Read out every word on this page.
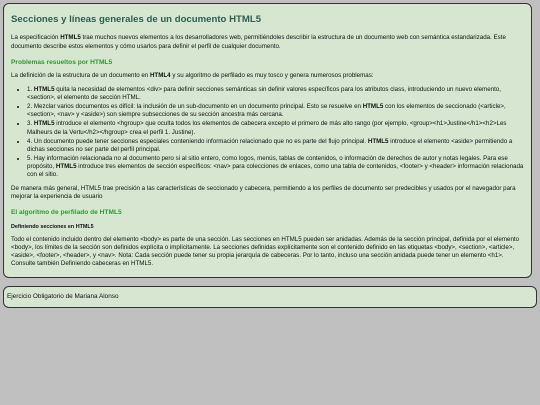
Secciones y líneas generales de un documento HTML5

La especificación HTML5 trae muchos nuevos elementos a los desarrolladores web, permitiéndoles describir la estructura de un documento web con semántica estandarizada. Este documento describe estos elementos y cómo usarlos para definir el perfil de cualquier documento.

Problemas resueltos por HTML5

La definición de la estructura de un documento en HTML4 y su algoritmo de perfilado es muy tosco y genera numerosos problemas:

• 1. HTML5 quita la necesidad de elementos <div> para definir secciones semánticas sin definir valores específicos para los atributos class, introduciendo un nuevo elemento, <section>, el elemento de sección HTML.
• 2. Mezclar varios documentos es difícil: la inclusión de un sub-documento en un documento principal. Esto se resuelve en HTML5 con los elementos de seccionado (<article>, <section>, <nav> y <aside>) son siempre subsecciones de su sección ancestra más cercana.
• 3. HTML5 introduce el elemento <hgroup> que oculta todos los elementos de cabecera excepto el primero de más alto rango (por ejemplo, <group><h1>Justine</h1><h2>Les Malheurs de la Vertu</h2></hgroup> crea el perfil 1. Justine).
• 4. Un documento puede tener secciones especiales conteniendo información relacionado que no es parte del flujo principal. HTML5 introduce el elemento <aside> permitiendo a dichas secciones no ser parte del perfil principal.
• 5. Hay información relacionada no al documento pero si al sitio entero, como logos, menús, tablas de contenidos, o información de derechos de autor y notas legales. Para ese propósito, HTML5 introduce tres elementos de sección específicos: <nav> para colecciones de enlaces, como una tabla de contenidos, <footer> y <header> información relacionada con el sitio.

De manera más general, HTML5 trae precisión a las características de seccionado y cabecera, permitiendo a los perfiles de documento ser predecibles y usados por el navegador para mejorar la experiencia de usuario

El algoritmo de perfilado de HTML5
Definiendo secciones en HTML5

Todo el contenido incluido dentro del elemento <body> es parte de una sección. Las secciones en HTML5 pueden ser anidadas. Además de la sección principal, definida por el elemento <body>, los límites de la sección son definidos explícita o implícitamente. La secciones definidas explícitamente son el contenido definido en las etiquetas <body>, <section>, <article>, <aside>, <footer>, <header>, y <nav>. Nota: Cada sección puede tener su propia jerarquía de cabeceras. Por lo tanto, incluso una sección anidada puede tener un elemento <h1>. Consulte también Definiendo cabeceras en HTML5.

Ejercicio Obligatorio de Mariana Alonso
